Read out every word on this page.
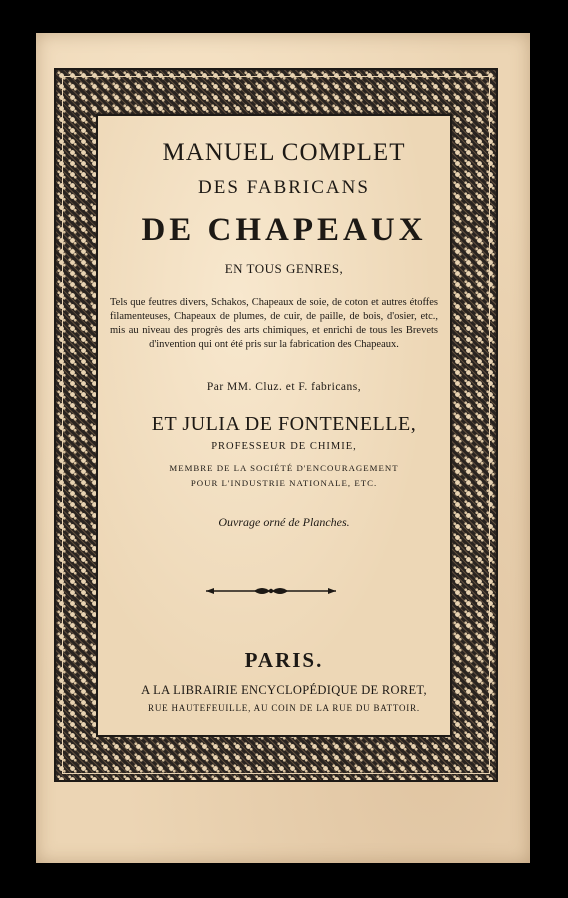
MANUEL COMPLET
DES FABRICANS
DE CHAPEAUX
EN TOUS GENRES,
Tels que feutres divers, Schakos, Chapeaux de soie, de coton et autres étoffes filamenteuses, Chapeaux de plumes, de cuir, de paille, de bois, d'osier, etc., mis au niveau des progrès des arts chimiques, et enrichi de tous les Brevets d'invention qui ont été pris sur la fabrication des Chapeaux.
Par MM. Cluz. et F. fabricans,
ET JULIA DE FONTENELLE,
PROFESSEUR DE CHIMIE,
MEMBRE DE LA SOCIÉTÉ D'ENCOURAGEMENT
POUR L'INDUSTRIE NATIONALE, ETC.
Ouvrage orné de Planches.
PARIS.
A LA LIBRAIRIE ENCYCLOPÉDIQUE DE RORET,
RUE HAUTEFEUILLE, AU COIN DE LA RUE DU BATTOIR.
